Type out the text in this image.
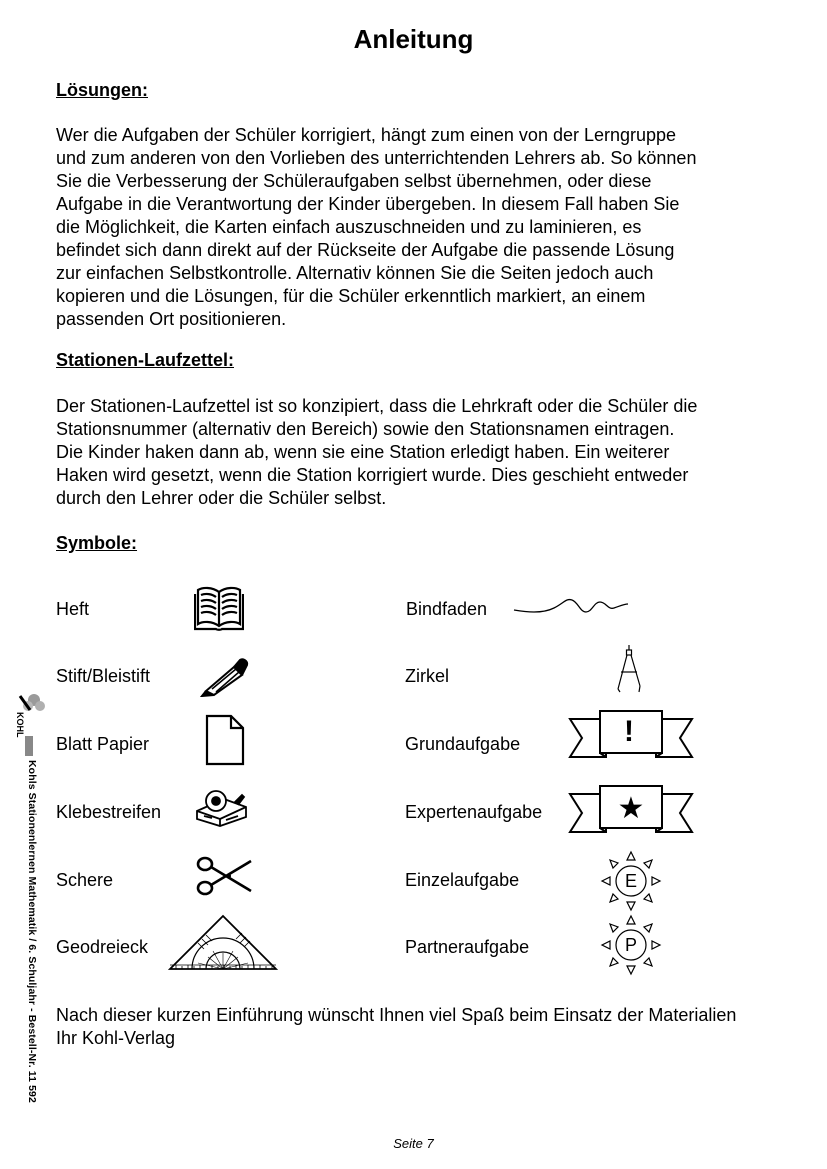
Anleitung
Lösungen:
Wer die Aufgaben der Schüler korrigiert, hängt zum einen von der Lerngruppe
und zum anderen von den Vorlieben des unterrichtenden Lehrers ab. So können
Sie die Verbesserung der Schüleraufgaben selbst übernehmen, oder diese
Aufgabe in die Verantwortung der Kinder übergeben. In diesem Fall haben Sie
die Möglichkeit, die Karten einfach auszuschneiden und zu laminieren, es
befindet sich dann direkt auf der Rückseite der Aufgabe die passende Lösung
zur einfachen Selbstkontrolle. Alternativ können Sie die Seiten jedoch auch
kopieren und die Lösungen, für die Schüler erkenntlich markiert, an einem
passenden Ort positionieren.
Stationen-Laufzettel:
Der Stationen-Laufzettel ist so konzipiert, dass die Lehrkraft oder die Schüler die
Stationsnummer (alternativ den Bereich) sowie den Stationsnamen eintragen.
Die Kinder haken dann ab, wenn sie eine Station erledigt haben. Ein weiterer
Haken wird gesetzt, wenn die Station korrigiert wurde. Dies geschieht entweder
durch den Lehrer oder die Schüler selbst.
Symbole:
Heft
Stift/Bleistift
Blatt Papier
Klebestreifen
Schere
Geodreieck
Bindfaden
Zirkel
Grundaufgabe
Expertenaufgabe
Einzelaufgabe
Partneraufgabe
!
★
E
P
Nach dieser kurzen Einführung wünscht Ihnen viel Spaß beim Einsatz der Materialien
Ihr Kohl-Verlag
KOHL
Kohls Stationenlernen Mathematik / 6. Schuljahr - Bestell-Nr. 11 592
Seite 7
